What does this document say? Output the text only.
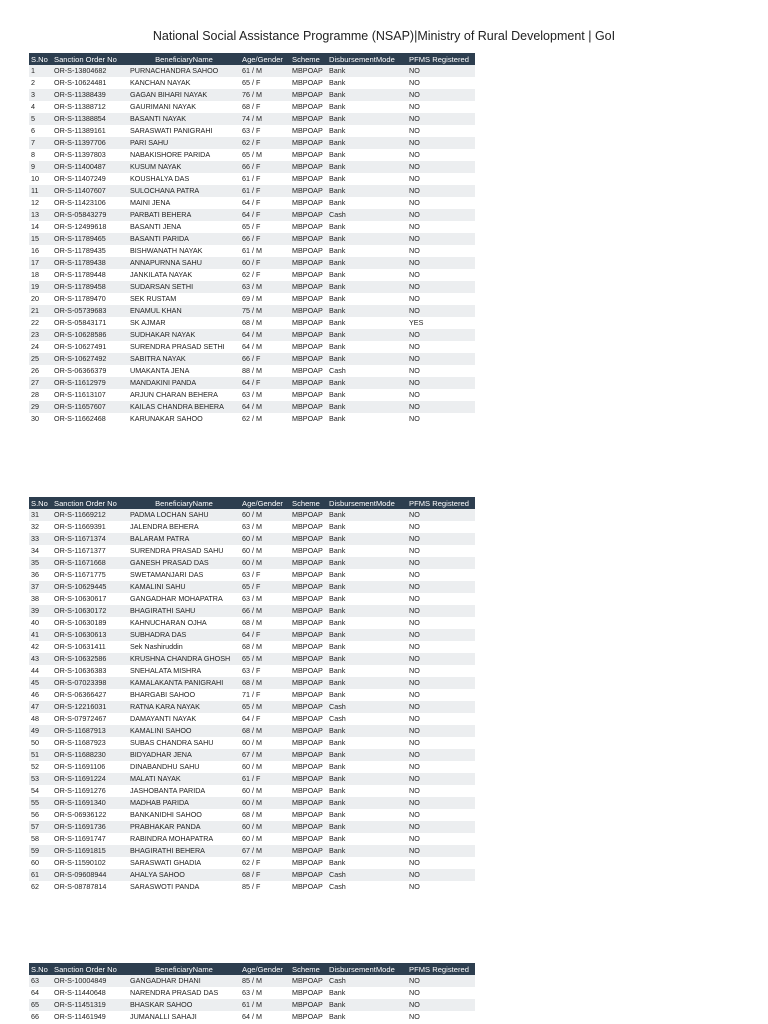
National Social Assistance Programme (NSAP)|Ministry of Rural Development | GoI
S.No	Sanction Order No	BeneficiaryName	Age/Gender	Scheme	DisbursementMode	PFMS Registered
1	OR-S-13804682	PURNACHANDRA SAHOO	61 / M	MBPOAP	Bank	NO
2	OR-S-10624481	KANCHAN NAYAK	65 / F	MBPOAP	Bank	NO
3	OR-S-11388439	GAGAN BIHARI NAYAK	76 / M	MBPOAP	Bank	NO
4	OR-S-11388712	GAURIMANI NAYAK	68 / F	MBPOAP	Bank	NO
5	OR-S-11388854	BASANTI NAYAK	74 / M	MBPOAP	Bank	NO
6	OR-S-11389161	SARASWATI PANIGRAHI	63 / F	MBPOAP	Bank	NO
7	OR-S-11397706	PARI SAHU	62 / F	MBPOAP	Bank	NO
8	OR-S-11397803	NABAKISHORE PARIDA	65 / M	MBPOAP	Bank	NO
9	OR-S-11400487	KUSUM NAYAK	66 / F	MBPOAP	Bank	NO
10	OR-S-11407249	KOUSHALYA DAS	61 / F	MBPOAP	Bank	NO
11	OR-S-11407607	SULOCHANA PATRA	61 / F	MBPOAP	Bank	NO
12	OR-S-11423106	MAINI JENA	64 / F	MBPOAP	Bank	NO
13	OR-S-05843279	PARBATI BEHERA	64 / F	MBPOAP	Cash	NO
14	OR-S-12499618	BASANTI JENA	65 / F	MBPOAP	Bank	NO
15	OR-S-11789465	BASANTI PARIDA	66 / F	MBPOAP	Bank	NO
16	OR-S-11789435	BISHWANATH NAYAK	61 / M	MBPOAP	Bank	NO
17	OR-S-11789438	ANNAPURNNA SAHU	60 / F	MBPOAP	Bank	NO
18	OR-S-11789448	JANKILATA NAYAK	62 / F	MBPOAP	Bank	NO
19	OR-S-11789458	SUDARSAN SETHI	63 / M	MBPOAP	Bank	NO
20	OR-S-11789470	SEK RUSTAM	69 / M	MBPOAP	Bank	NO
21	OR-S-05739683	ENAMUL KHAN	75 / M	MBPOAP	Bank	NO
22	OR-S-05843171	SK AJMAR	68 / M	MBPOAP	Bank	YES
23	OR-S-10628586	SUDHAKAR NAYAK	64 / M	MBPOAP	Bank	NO
24	OR-S-10627491	SURENDRA PRASAD SETHI	64 / M	MBPOAP	Bank	NO
25	OR-S-10627492	SABITRA NAYAK	66 / F	MBPOAP	Bank	NO
26	OR-S-06366379	UMAKANTA JENA	88 / M	MBPOAP	Cash	NO
27	OR-S-11612979	MANDAKINI PANDA	64 / F	MBPOAP	Bank	NO
28	OR-S-11613107	ARJUN CHARAN BEHERA	63 / M	MBPOAP	Bank	NO
29	OR-S-11657607	KAILAS CHANDRA BEHERA	64 / M	MBPOAP	Bank	NO
30	OR-S-11662468	KARUNAKAR SAHOO	62 / M	MBPOAP	Bank	NO
S.No	Sanction Order No	BeneficiaryName	Age/Gender	Scheme	DisbursementMode	PFMS Registered
31	OR-S-11669212	PADMA LOCHAN SAHU	60 / M	MBPOAP	Bank	NO
32	OR-S-11669391	JALENDRA BEHERA	63 / M	MBPOAP	Bank	NO
33	OR-S-11671374	BALARAM PATRA	60 / M	MBPOAP	Bank	NO
34	OR-S-11671377	SURENDRA PRASAD SAHU	60 / M	MBPOAP	Bank	NO
35	OR-S-11671668	GANESH PRASAD DAS	60 / M	MBPOAP	Bank	NO
36	OR-S-11671775	SWETAMANJARI DAS	63 / F	MBPOAP	Bank	NO
37	OR-S-10629445	KAMALINI SAHU	65 / F	MBPOAP	Bank	NO
38	OR-S-10630617	GANGADHAR MOHAPATRA	63 / M	MBPOAP	Bank	NO
39	OR-S-10630172	BHAGIRATHI SAHU	66 / M	MBPOAP	Bank	NO
40	OR-S-10630189	KAHNUCHARAN OJHA	68 / M	MBPOAP	Bank	NO
41	OR-S-10630613	SUBHADRA DAS	64 / F	MBPOAP	Bank	NO
42	OR-S-10631411	Sek Nashiruddin	68 / M	MBPOAP	Bank	NO
43	OR-S-10632586	KRUSHNA CHANDRA GHOSH	65 / M	MBPOAP	Bank	NO
44	OR-S-10636383	SNEHALATA MISHRA	63 / F	MBPOAP	Bank	NO
45	OR-S-07023398	KAMALAKANTA PANIGRAHI	68 / M	MBPOAP	Bank	NO
46	OR-S-06366427	BHARGABI SAHOO	71 / F	MBPOAP	Bank	NO
47	OR-S-12216031	RATNA KARA NAYAK	65 / M	MBPOAP	Cash	NO
48	OR-S-07972467	DAMAYANTI NAYAK	64 / F	MBPOAP	Cash	NO
49	OR-S-11687913	KAMALINI SAHOO	68 / M	MBPOAP	Bank	NO
50	OR-S-11687923	SUBAS CHANDRA SAHU	60 / M	MBPOAP	Bank	NO
51	OR-S-11688230	BIDYADHAR JENA	67 / M	MBPOAP	Bank	NO
52	OR-S-11691106	DINABANDHU SAHU	60 / M	MBPOAP	Bank	NO
53	OR-S-11691224	MALATI NAYAK	61 / F	MBPOAP	Bank	NO
54	OR-S-11691276	JASHOBANTA PARIDA	60 / M	MBPOAP	Bank	NO
55	OR-S-11691340	MADHAB PARIDA	60 / M	MBPOAP	Bank	NO
56	OR-S-06936122	BANKANIDHI SAHOO	68 / M	MBPOAP	Bank	NO
57	OR-S-11691736	PRABHAKAR PANDA	60 / M	MBPOAP	Bank	NO
58	OR-S-11691747	RABINDRA MOHAPATRA	60 / M	MBPOAP	Bank	NO
59	OR-S-11691815	BHAGIRATHI BEHERA	67 / M	MBPOAP	Bank	NO
60	OR-S-11590102	SARASWATI GHADIA	62 / F	MBPOAP	Bank	NO
61	OR-S-09608944	AHALYA SAHOO	68 / F	MBPOAP	Cash	NO
62	OR-S-08787814	SARASWOTI PANDA	85 / F	MBPOAP	Cash	NO
S.No	Sanction Order No	BeneficiaryName	Age/Gender	Scheme	DisbursementMode	PFMS Registered
63	OR-S-10004849	GANGADHAR DHANI	85 / M	MBPOAP	Cash	NO
64	OR-S-11440648	NARENDRA PRASAD DAS	63 / M	MBPOAP	Bank	NO
65	OR-S-11451319	BHASKAR SAHOO	61 / M	MBPOAP	Bank	NO
66	OR-S-11461949	JUMANALLI SAHAJI	64 / M	MBPOAP	Bank	NO
